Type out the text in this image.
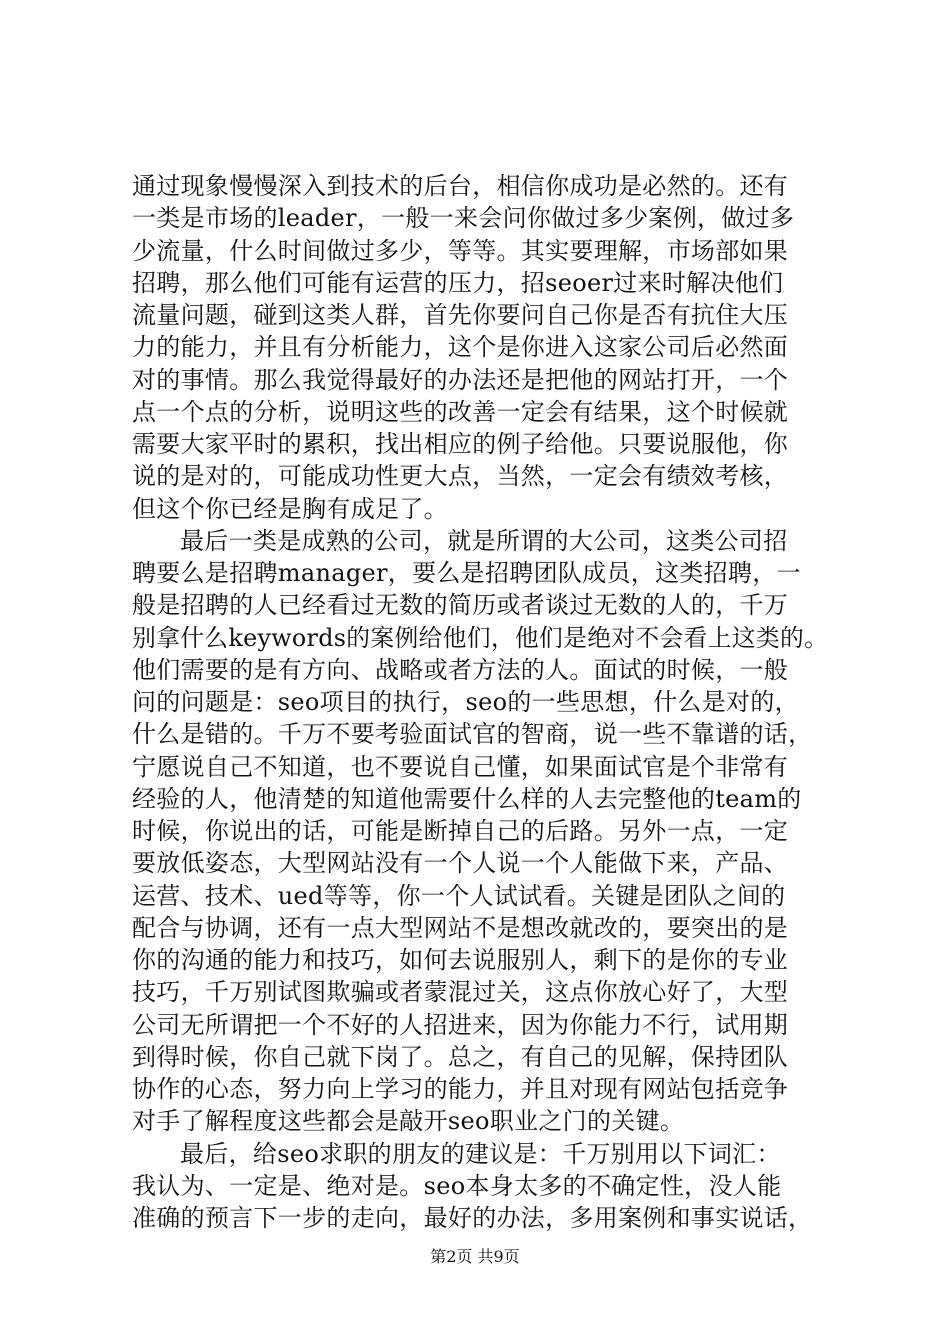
通过现象慢慢深入到技术的后台，相信你成功是必然的。还有
一类是市场的leader，一般一来会问你做过多少案例，做过多
少流量，什么时间做过多少，等等。其实要理解，市场部如果
招聘，那么他们可能有运营的压力，招seoer过来时解决他们
流量问题，碰到这类人群，首先你要问自己你是否有抗住大压
力的能力，并且有分析能力，这个是你进入这家公司后必然面
对的事情。那么我觉得最好的办法还是把他的网站打开，一个
点一个点的分析，说明这些的改善一定会有结果，这个时候就
需要大家平时的累积，找出相应的例子给他。只要说服他，你
说的是对的，可能成功性更大点，当然，一定会有绩效考核，
但这个你已经是胸有成足了。
最后一类是成熟的公司，就是所谓的大公司，这类公司招
聘要么是招聘manager，要么是招聘团队成员，这类招聘，一
般是招聘的人已经看过无数的简历或者谈过无数的人的，千万
别拿什么keywords的案例给他们，他们是绝对不会看上这类的。
他们需要的是有方向、战略或者方法的人。面试的时候，一般
问的问题是：seo项目的执行，seo的一些思想，什么是对的，
什么是错的。千万不要考验面试官的智商，说一些不靠谱的话，
宁愿说自己不知道，也不要说自己懂，如果面试官是个非常有
经验的人，他清楚的知道他需要什么样的人去完整他的team的
时候，你说出的话，可能是断掉自己的后路。另外一点，一定
要放低姿态，大型网站没有一个人说一个人能做下来，产品、
运营、技术、ued等等，你一个人试试看。关键是团队之间的
配合与协调，还有一点大型网站不是想改就改的，要突出的是
你的沟通的能力和技巧，如何去说服别人，剩下的是你的专业
技巧，千万别试图欺骗或者蒙混过关，这点你放心好了，大型
公司无所谓把一个不好的人招进来，因为你能力不行，试用期
到得时候，你自己就下岗了。总之，有自己的见解，保持团队
协作的心态，努力向上学习的能力，并且对现有网站包括竞争
对手了解程度这些都会是敲开seo职业之门的关键。
最后，给seo求职的朋友的建议是：千万别用以下词汇：
我认为、一定是、绝对是。seo本身太多的不确定性，没人能
准确的预言下一步的走向，最好的办法，多用案例和事实说话，
第2页 共9页
